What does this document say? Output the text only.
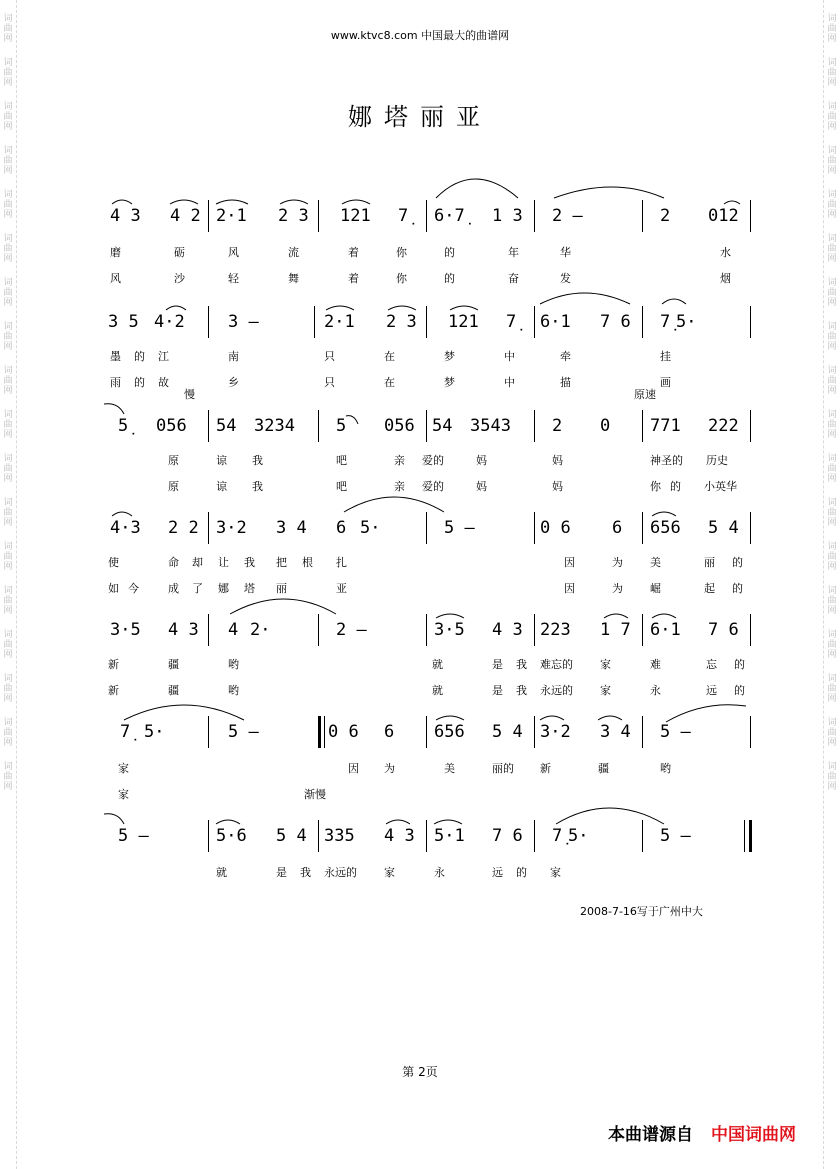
词
曲
网
词
曲
网
词
曲
网
词
曲
网
词
曲
网
词
曲
网
词
曲
网
词
曲
网
词
曲
网
词
曲
网
词
曲
网
词
曲
网
词
曲
网
词
曲
网
词
曲
网
词
曲
网
词
曲
网
词
曲
网
词
曲
网
词
曲
网
词
曲
网
词
曲
网
词
曲
网
词
曲
网
词
曲
网
词
曲
网
词
曲
网
词
曲
网
词
曲
网
词
曲
网
词
曲
网
词
曲
网
词
曲
网
词
曲
网
词
曲
网
词
曲
网
www.ktvc8.com 中国最大的曲谱网
娜塔丽亚
4 3 4 2 2·1 2 3 121 7̣ 6·7̣ 1 3 2 –	2 012
磨	砺	风	流	着	你	的	年	华	水
风	沙	轻	舞	着	你	的	奋	发	烟
3 5 4·2	3 –	2·1 2 3 121 7̣ 6·1 7 6 7̣ 5·
墨 的 江	南	只	在	梦	中	牵	挂
雨 的 故	乡	只	在	梦	中	描	画
慢	原速
5̣ 056 54 3234 5 056 54 3543 2 0 771 222
原	谅 我	吧	亲 爱的	妈	妈	神圣的 历史
原	谅 我	吧	亲 爱的	妈	妈	你 的 小英华
4·3 2 2 3·2 3 4 6 5·	5 –	0 6 6 656 5 4
使	命 却 让 我 把 根 扎	因	为 美	丽 的
如 今	成 了 娜 塔 丽	亚	因	为 崛	起 的
3·5 4 3 4 2·	2 –	3·5 4 3 223 1 7 6·1 7 6
新	疆	哟	就	是 我 难忘的 家	难	忘 的
新	疆	哟	就	是 我 永远的 家	永	远 的
7̣ 5·	5 –	0 6 6 656 5 4 3·2 3 4 5 –
家	因 为	美	丽的 新	疆	哟
家	渐慢
5 –	5·6 5 4 335 4 3 5·1 7 6 7̣ 5·	5 –
就	是 我 永远的 家	永	远 的 家
2008-7-16写于广州中大
第 2页
本曲谱源自 中国词曲网
